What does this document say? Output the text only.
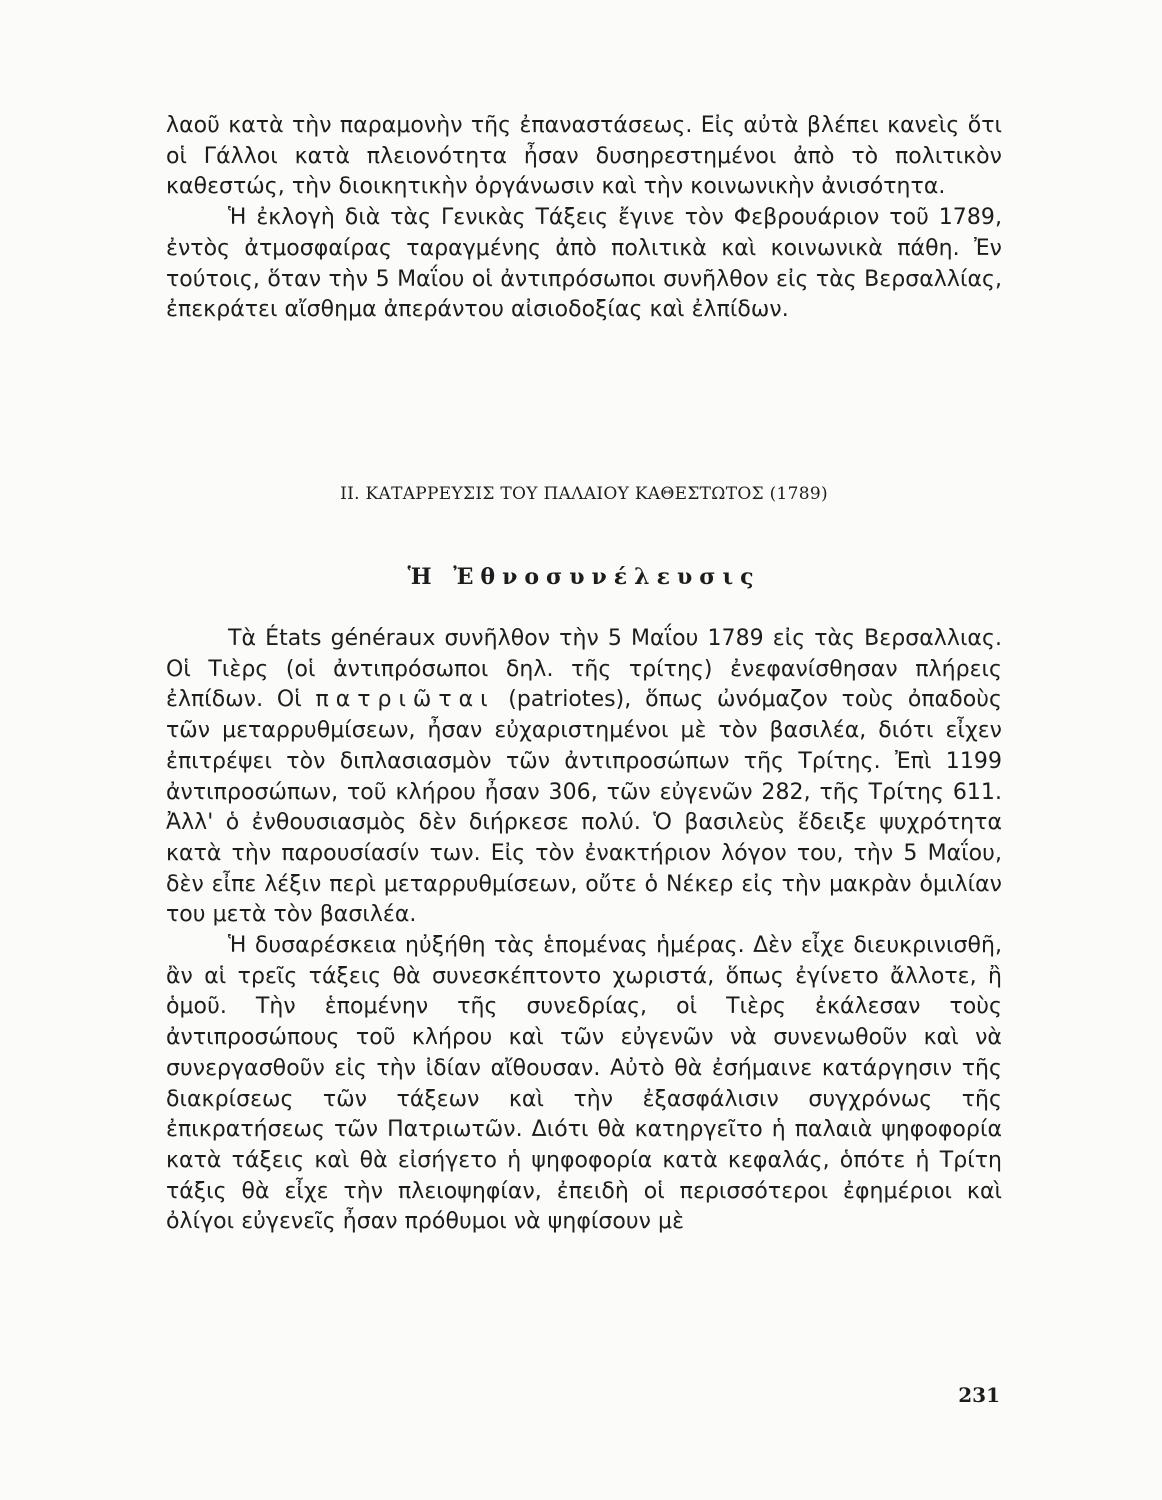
λαοῦ κατὰ τὴν παραμονὴν τῆς ἐπαναστάσεως. Εἰς αὐτὰ βλέπει κανεὶς ὅτι οἱ Γάλλοι κατὰ πλειονότητα ἦσαν δυσηρεστημένοι ἀπὸ τὸ πολιτικὸν καθεστώς, τὴν διοικητικὴν ὀργάνωσιν καὶ τὴν κοινωνικὴν ἀνισότητα.

Ἡ ἐκλογὴ διὰ τὰς Γενικὰς Τάξεις ἔγινε τὸν Φεβρουάριον τοῦ 1789, ἐντὸς ἀτμοσφαίρας ταραγμένης ἀπὸ πολιτικὰ καὶ κοινωνικὰ πάθη. Ἐν τούτοις, ὅταν τὴν 5 Μαΐου οἱ ἀντιπρόσωποι συνῆλθον εἰς τὰς Βερσαλλίας, ἐπεκράτει αἴσθημα ἀπεράντου αἰσιοδοξίας καὶ ἐλπίδων.

II. ΚΑΤΑΡΡΕΥΣΙΣ ΤΟΥ ΠΑΛΑΙΟΥ ΚΑΘΕΣΤΩΤΟΣ (1789)
Ἡ Ἐθνοσυνέλευσις

Τὰ États généraux συνῆλθον τὴν 5 Μαΐου 1789 εἰς τὰς Βερσαλλιας. Οἱ Τιὲρς (οἱ ἀντιπρόσωποι δηλ. τῆς τρίτης) ἐνεφανίσθησαν πλήρεις ἐλπίδων. Οἱ πατριῶται (patriotes), ὅπως ὠνόμαζον τοὺς ὀπαδοὺς τῶν μεταρρυθμίσεων, ἦσαν εὐχαριστημένοι μὲ τὸν βασιλέα, διότι εἶχεν ἐπιτρέψει τὸν διπλασιασμὸν τῶν ἀντιπροσώπων τῆς Τρίτης. Ἐπὶ 1199 ἀντιπροσώπων, τοῦ κλήρου ἦσαν 306, τῶν εὐγενῶν 282, τῆς Τρίτης 611. Ἀλλ' ὁ ἐνθουσιασμὸς δὲν διήρκεσε πολύ. Ὁ βασιλεὺς ἔδειξε ψυχρότητα κατὰ τὴν παρουσίασίν των. Εἰς τὸν ἐνακτήριον λόγον του, τὴν 5 Μαΐου, δὲν εἶπε λέξιν περὶ μεταρρυθμίσεων, οὔτε ὁ Νέκερ εἰς τὴν μακρὰν ὁμιλίαν του μετὰ τὸν βασιλέα.

Ἡ δυσαρέσκεια ηὐξήθη τὰς ἑπομένας ἡμέρας. Δὲν εἶχε διευκρινισθῆ, ἂν αἱ τρεῖς τάξεις θὰ συνεσκέπτοντο χωριστά, ὅπως ἐγίνετο ἄλλοτε, ἢ ὁμοῦ. Τὴν ἑπομένην τῆς συνεδρίας, οἱ Τιὲρς ἐκάλεσαν τοὺς ἀντιπροσώπους τοῦ κλήρου καὶ τῶν εὐγενῶν νὰ συνενωθοῦν καὶ νὰ συνεργασθοῦν εἰς τὴν ἰδίαν αἴθουσαν. Αὐτὸ θὰ ἐσήμαινε κατάργησιν τῆς διακρίσεως τῶν τάξεων καὶ τὴν ἐξασφάλισιν συγχρόνως τῆς ἐπικρατήσεως τῶν Πατριωτῶν. Διότι θὰ κατηργεῖτο ἡ παλαιὰ ψηφοφορία κατὰ τάξεις καὶ θὰ εἰσήγετο ἡ ψηφοφορία κατὰ κεφαλάς, ὁπότε ἡ Τρίτη τάξις θὰ εἶχε τὴν πλειοψηφίαν, ἐπειδὴ οἱ περισσότεροι ἐφημέριοι καὶ ὀλίγοι εὐγενεῖς ἦσαν πρόθυμοι νὰ ψηφίσουν μὲ

231
